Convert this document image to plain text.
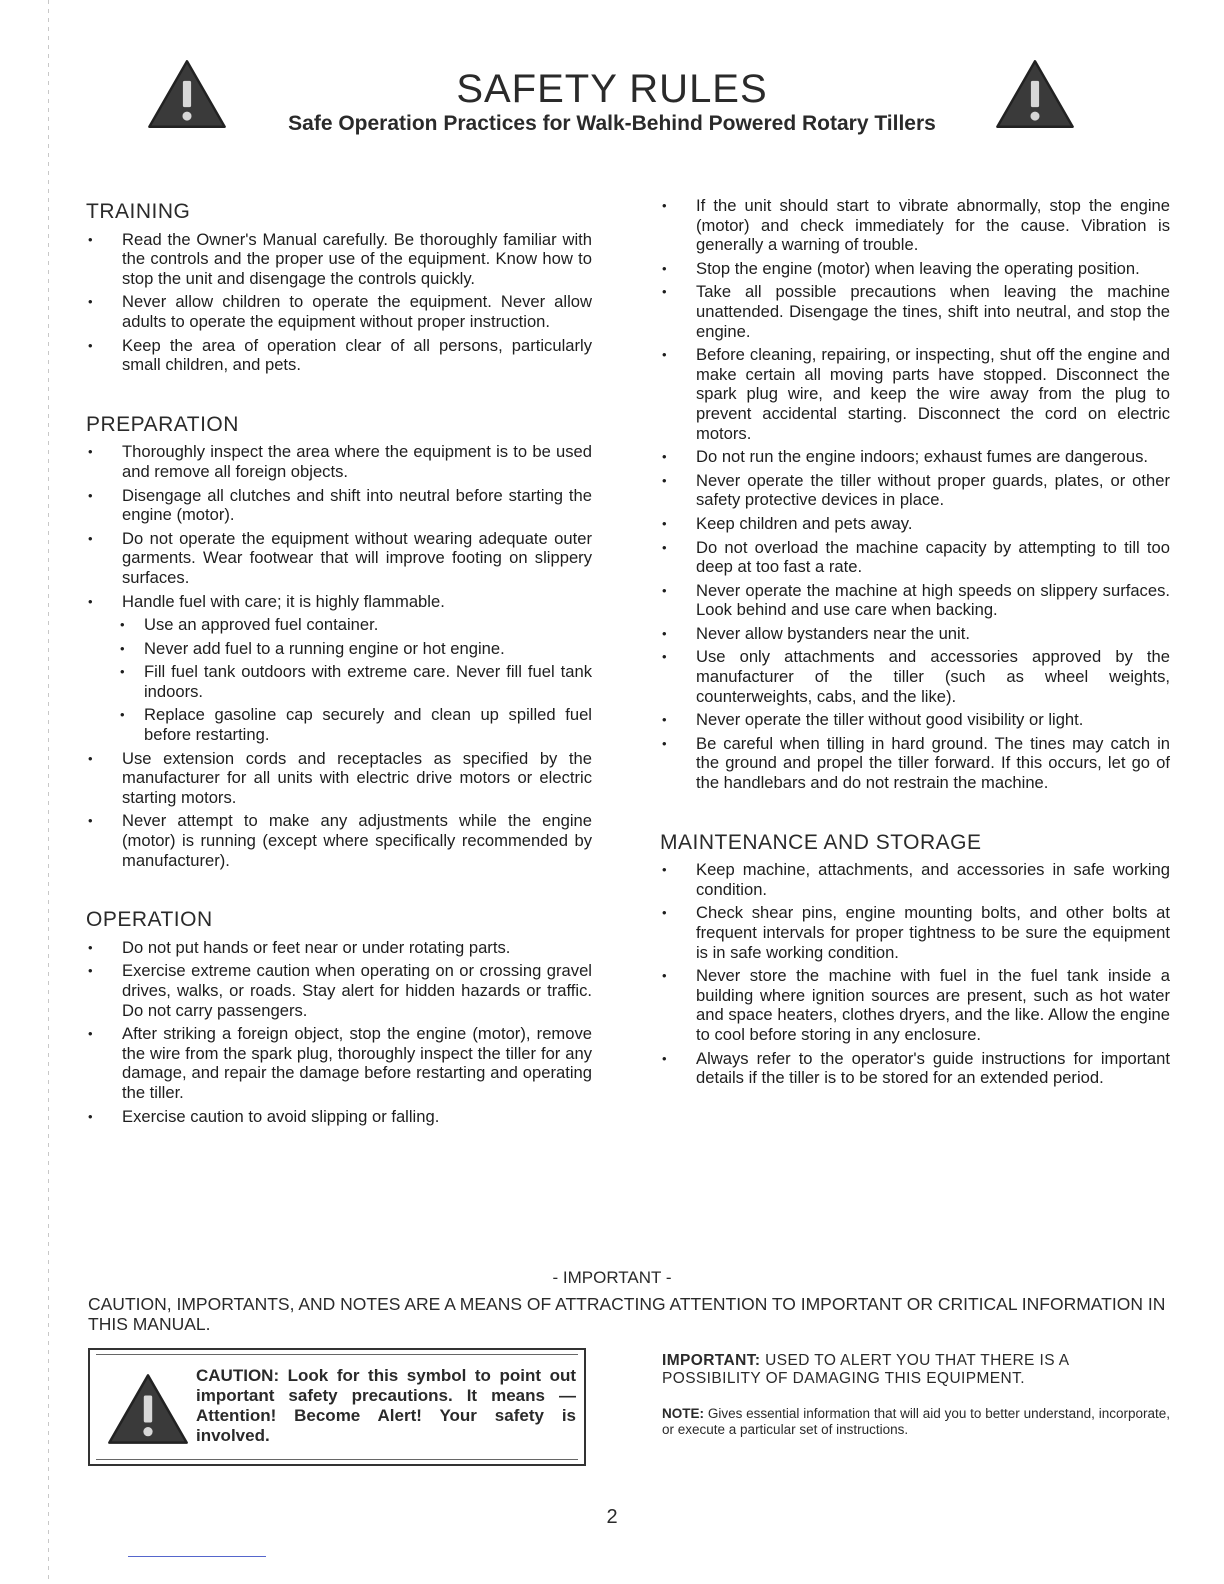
SAFETY RULES
Safe Operation Practices for Walk-Behind Powered Rotary Tillers
TRAINING
• Read the Owner's Manual carefully. Be thoroughly familiar with the controls and the proper use of the equipment. Know how to stop the unit and disengage the controls quickly.
• Never allow children to operate the equipment. Never allow adults to operate the equipment without proper instruction.
• Keep the area of operation clear of all persons, particularly small children, and pets.
PREPARATION
• Thoroughly inspect the area where the equipment is to be used and remove all foreign objects.
• Disengage all clutches and shift into neutral before starting the engine (motor).
• Do not operate the equipment without wearing adequate outer garments. Wear footwear that will improve footing on slippery surfaces.
• Handle fuel with care; it is highly flammable.
• Use an approved fuel container.
• Never add fuel to a running engine or hot engine.
• Fill fuel tank outdoors with extreme care. Never fill fuel tank indoors.
• Replace gasoline cap securely and clean up spilled fuel before restarting.
• Use extension cords and receptacles as specified by the manufacturer for all units with electric drive motors or electric starting motors.
• Never attempt to make any adjustments while the engine (motor) is running (except where specifically recommended by manufacturer).
OPERATION
• Do not put hands or feet near or under rotating parts.
• Exercise extreme caution when operating on or crossing gravel drives, walks, or roads. Stay alert for hidden hazards or traffic. Do not carry passengers.
• After striking a foreign object, stop the engine (motor), remove the wire from the spark plug, thoroughly inspect the tiller for any damage, and repair the damage before restarting and operating the tiller.
• Exercise caution to avoid slipping or falling.
• If the unit should start to vibrate abnormally, stop the engine (motor) and check immediately for the cause. Vibration is generally a warning of trouble.
• Stop the engine (motor) when leaving the operating position.
• Take all possible precautions when leaving the machine unattended. Disengage the tines, shift into neutral, and stop the engine.
• Before cleaning, repairing, or inspecting, shut off the engine and make certain all moving parts have stopped. Disconnect the spark plug wire, and keep the wire away from the plug to prevent accidental starting. Disconnect the cord on electric motors.
• Do not run the engine indoors; exhaust fumes are dangerous.
• Never operate the tiller without proper guards, plates, or other safety protective devices in place.
• Keep children and pets away.
• Do not overload the machine capacity by attempting to till too deep at too fast a rate.
• Never operate the machine at high speeds on slippery surfaces. Look behind and use care when backing.
• Never allow bystanders near the unit.
• Use only attachments and accessories approved by the manufacturer of the tiller (such as wheel weights, counterweights, cabs, and the like).
• Never operate the tiller without good visibility or light.
• Be careful when tilling in hard ground. The tines may catch in the ground and propel the tiller forward. If this occurs, let go of the handlebars and do not restrain the machine.
MAINTENANCE AND STORAGE
• Keep machine, attachments, and accessories in safe working condition.
• Check shear pins, engine mounting bolts, and other bolts at frequent intervals for proper tightness to be sure the equipment is in safe working condition.
• Never store the machine with fuel in the fuel tank inside a building where ignition sources are present, such as hot water and space heaters, clothes dryers, and the like. Allow the engine to cool before storing in any enclosure.
• Always refer to the operator's guide instructions for important details if the tiller is to be stored for an extended period.
- IMPORTANT -
CAUTION, IMPORTANTS, AND NOTES ARE A MEANS OF ATTRACTING ATTENTION TO IMPORTANT OR CRITICAL INFORMATION IN THIS MANUAL.
CAUTION: Look for this symbol to point out important safety precautions. It means —Attention! Become Alert! Your safety is involved.

IMPORTANT: USED TO ALERT YOU THAT THERE IS A POSSIBILITY OF DAMAGING THIS EQUIPMENT.

NOTE: Gives essential information that will aid you to better understand, incorporate, or execute a particular set of instructions.

2
